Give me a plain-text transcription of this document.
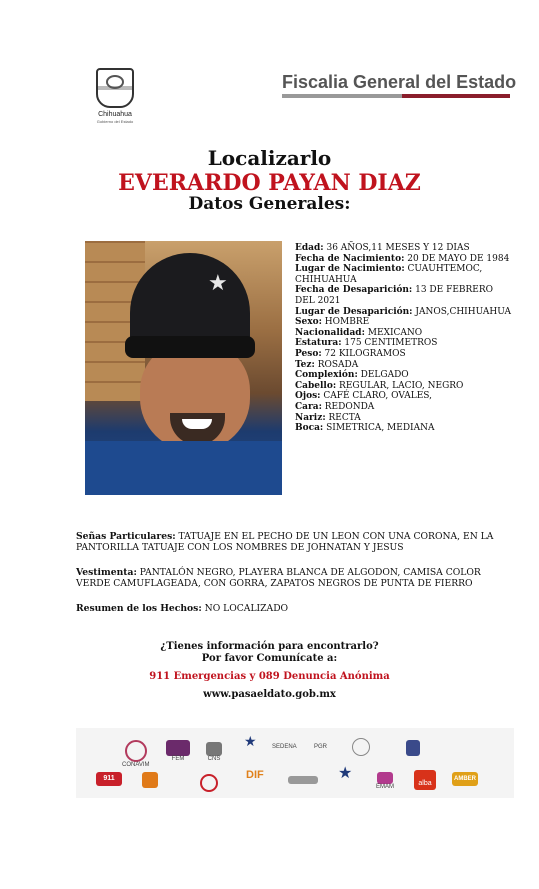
Chihuahua
Gobierno del Estado
Fiscalia General del Estado
Localizarlo
EVERARDO PAYAN DIAZ
Datos Generales:
★
Edad: 36 AÑOS,11 MESES Y 12 DIAS
Fecha de Nacimiento: 20 DE MAYO DE 1984
Lugar de Nacimiento: CUAUHTEMOC, CHIHUAHUA
Fecha de Desaparición: 13 DE FEBRERO DEL 2021
Lugar de Desaparición: JANOS,CHIHUAHUA
Sexo: HOMBRE
Nacionalidad: MEXICANO
Estatura: 175 CENTIMETROS
Peso: 72 KILOGRAMOS
Tez: ROSADA
Complexión: DELGADO
Cabello: REGULAR, LACIO, NEGRO
Ojos: CAFÉ CLARO, OVALES,
Cara: REDONDA
Nariz: RECTA
Boca: SIMETRICA, MEDIANA
Señas Particulares: TATUAJE EN EL PECHO DE UN LEON CON UNA CORONA, EN LA PANTORILLA TATUAJE CON LOS NOMBRES DE JOHNATAN Y JESUS
Vestimenta: PANTALÓN NEGRO, PLAYERA BLANCA DE ALGODON, CAMISA COLOR VERDE CAMUFLAGEADA, CON GORRA, ZAPATOS NEGROS DE PUNTA DE FIERRO
Resumen de los Hechos: NO LOCALIZADO
¿Tienes información para encontrarlo?
Por favor Comunícate a:
911 Emergencias y 089 Denuncia Anónima
www.pasaeldato.gob.mx
CONAVIM
FEM	CNS
★	SEDENA	PGR
911	DIF	★
EMAM	alba
AMBER
